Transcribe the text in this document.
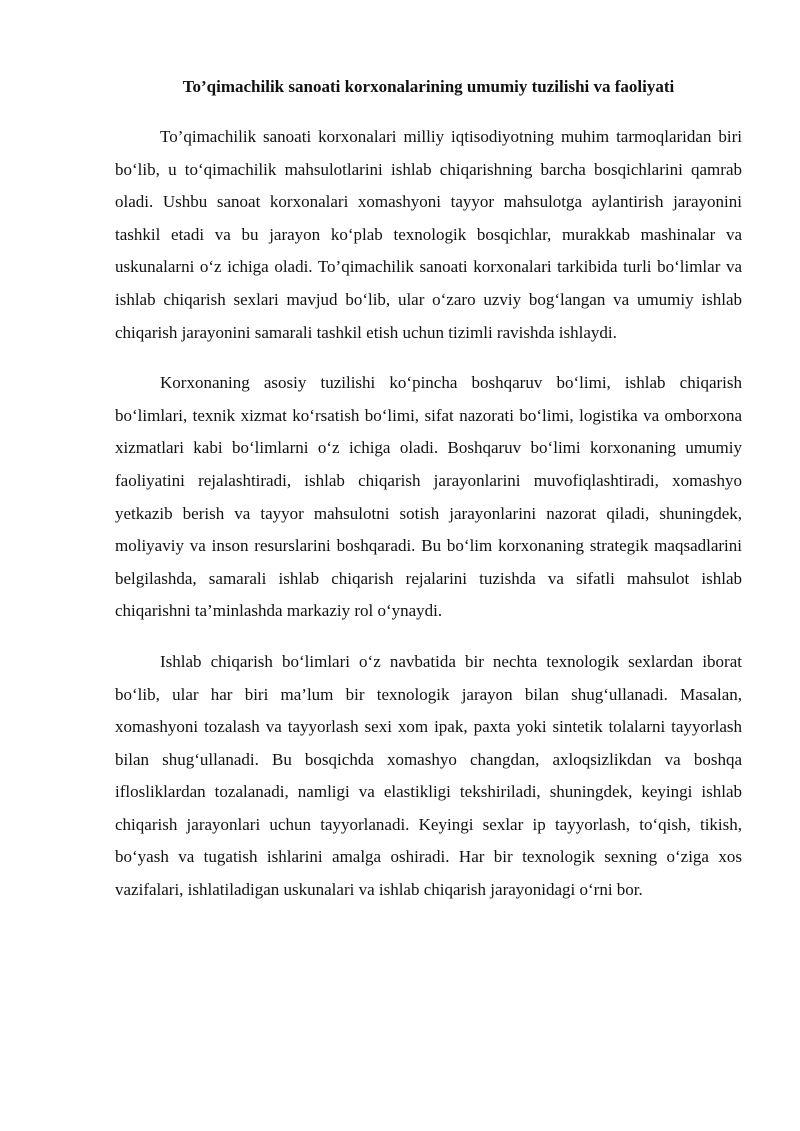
To’qimachilik sanoati korxonalarining umumiy tuzilishi va faoliyati

To’qimachilik sanoati korxonalari milliy iqtisodiyotning muhim tarmoqlaridan biri bo‘lib, u to‘qimachilik mahsulotlarini ishlab chiqarishning barcha bosqichlarini qamrab oladi. Ushbu sanoat korxonalari xomashyoni tayyor mahsulotga aylantirish jarayonini tashkil etadi va bu jarayon ko‘plab texnologik bosqichlar, murakkab mashinalar va uskunalarni o‘z ichiga oladi. To’qimachilik sanoati korxonalari tarkibida turli bo‘limlar va ishlab chiqarish sexlari mavjud bo‘lib, ular o‘zaro uzviy bog‘langan va umumiy ishlab chiqarish jarayonini samarali tashkil etish uchun tizimli ravishda ishlaydi.

Korxonaning asosiy tuzilishi ko‘pincha boshqaruv bo‘limi, ishlab chiqarish bo‘limlari, texnik xizmat ko‘rsatish bo‘limi, sifat nazorati bo‘limi, logistika va omborxona xizmatlari kabi bo‘limlarni o‘z ichiga oladi. Boshqaruv bo‘limi korxonaning umumiy faoliyatini rejalashtiradi, ishlab chiqarish jarayonlarini muvofiqlashtiradi, xomashyo yetkazib berish va tayyor mahsulotni sotish jarayonlarini nazorat qiladi, shuningdek, moliyaviy va inson resurslarini boshqaradi. Bu bo‘lim korxonaning strategik maqsadlarini belgilashda, samarali ishlab chiqarish rejalarini tuzishda va sifatli mahsulot ishlab chiqarishni ta’minlashda markaziy rol o‘ynaydi.

Ishlab chiqarish bo‘limlari o‘z navbatida bir nechta texnologik sexlardan iborat bo‘lib, ular har biri ma’lum bir texnologik jarayon bilan shug‘ullanadi. Masalan, xomashyoni tozalash va tayyorlash sexi xom ipak, paxta yoki sintetik tolalarni tayyorlash bilan shug‘ullanadi. Bu bosqichda xomashyo changdan, axloqsizlikdan va boshqa iflosliklardan tozalanadi, namligi va elastikligi tekshiriladi, shuningdek, keyingi ishlab chiqarish jarayonlari uchun tayyorlanadi. Keyingi sexlar ip tayyorlash, to‘qish, tikish, bo‘yash va tugatish ishlarini amalga oshiradi. Har bir texnologik sexning o‘ziga xos vazifalari, ishlatiladigan uskunalari va ishlab chiqarish jarayonidagi o‘rni bor.
